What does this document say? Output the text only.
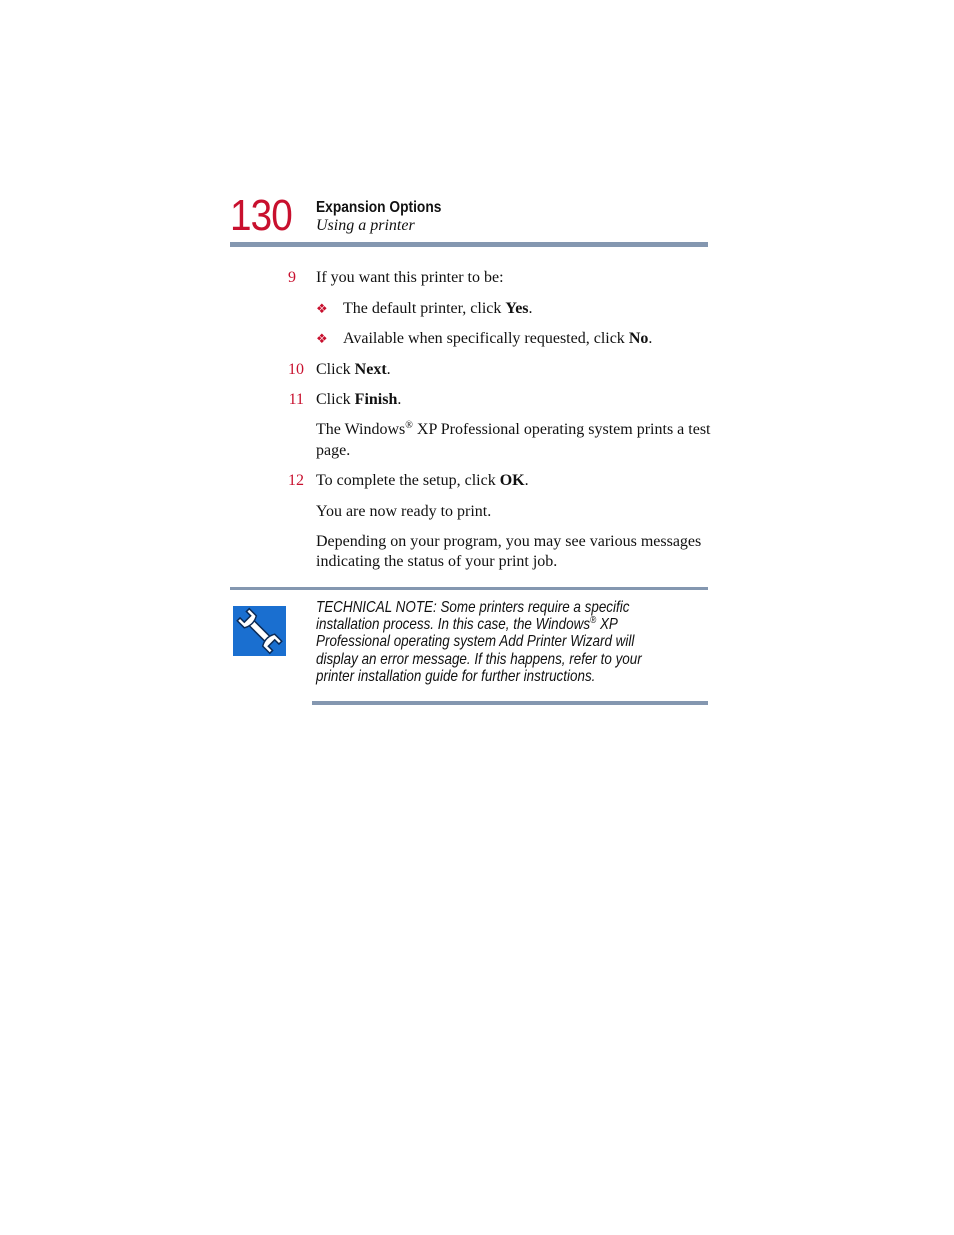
130 Expansion Options
Using a printer
9 If you want this printer to be:
❖ The default printer, click Yes.
❖ Available when specifically requested, click No.
10 Click Next.
11 Click Finish.
The Windows® XP Professional operating system prints a test
page.
12 To complete the setup, click OK.
You are now ready to print.
Depending on your program, you may see various messages
indicating the status of your print job.
TECHNICAL NOTE: Some printers require a specific
installation process. In this case, the Windows® XP
Professional operating system Add Printer Wizard will
display an error message. If this happens, refer to your
printer installation guide for further instructions.
